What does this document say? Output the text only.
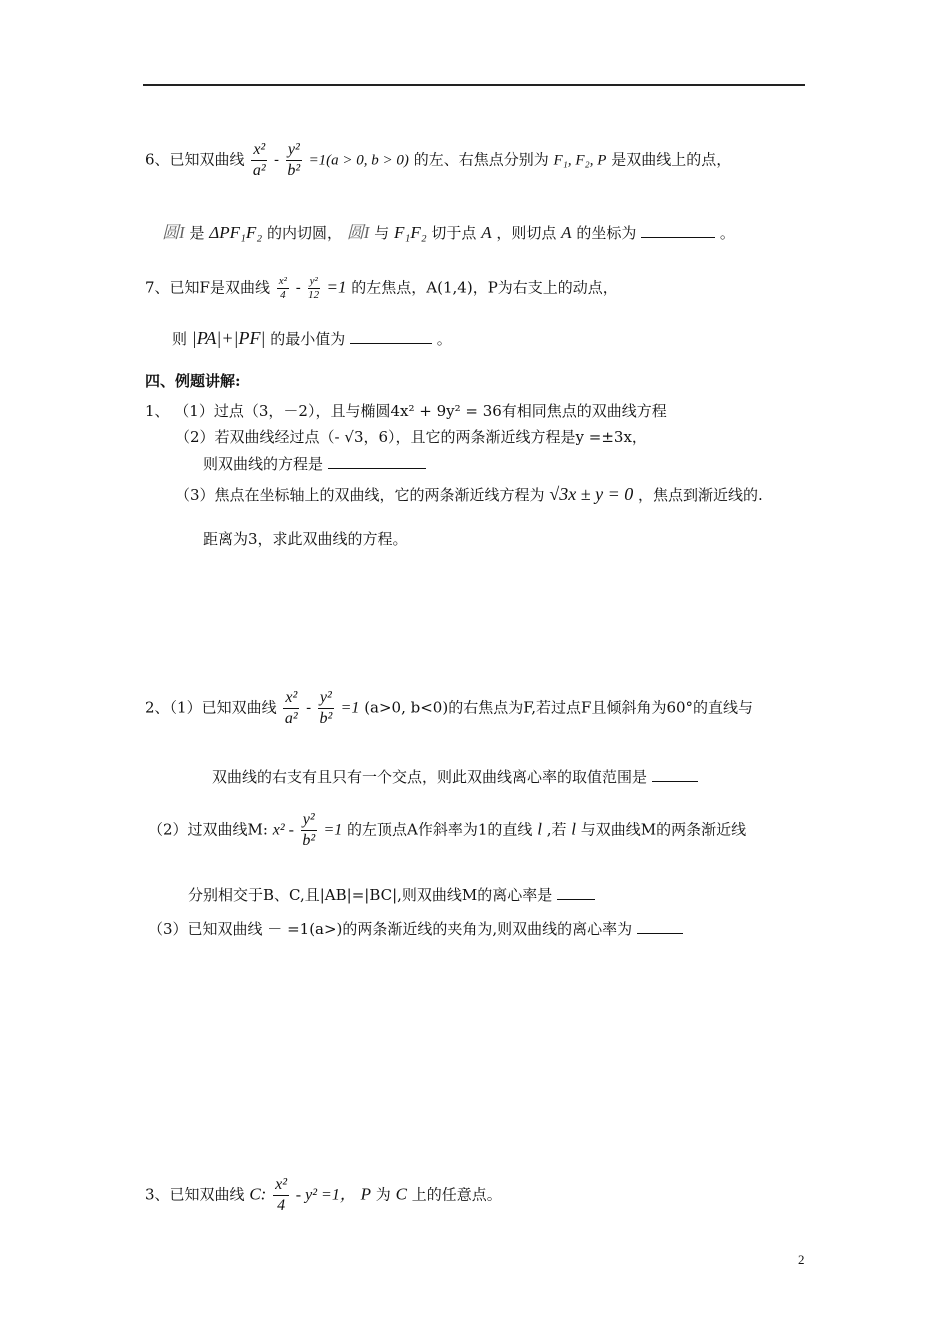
6、已知双曲线 $\frac{\text{x²}}{\text{a²}} - \frac{\text{y²}}{\text{b²}} =1(a > 0$, b > 0) 的左、右焦点分别为 F₁, F₂, P 是双曲线上的点，
圆I 是 ΔPF₁F₂ 的内切圆， 圆I 与 F₁F₂ 切于点 A ，则切点 A 的坐标为	。
7、已知F是双曲线 $\frac{\text{x²}}{4} - \frac{\text{y²}}{12} =1$ 的左焦点，A(1,4)，P为右支上的动点，
则 |PA|+|PF| 的最小值为	。
四、例题讲解:
1、 （1）过点（3，－2），且与椭圆4x² + 9y² = 36有相同焦点的双曲线方程
（2）若双曲线经过点（- √3，6），且它的两条渐近线方程是y =±3x，
则双曲线的方程是
（3）焦点在坐标轴上的双曲线，它的两条渐近线方程为 √3x ± y = 0 ，焦点到渐近线的.
距离为3，求此双曲线的方程。
2、（1）已知双曲线 $\frac{\text{x²}}{\text{a²}} - \frac{\text{y²}}{\text{b²}} =1$ (a>0, b<0)的右焦点为F,若过点F且倾斜角为60°的直线与
双曲线的右支有且只有一个交点，则此双曲线离心率的取值范围是
（2）过双曲线M: $x^2 - \frac{\text{y²}}{\text{b²}} =1$ 的左顶点A作斜率为1的直线 l ,若 l 与双曲线M的两条渐近线
分别相交于B、C,且|AB|=|BC|,则双曲线M的离心率是
（3）已知双曲线 － =1(a>)的两条渐近线的夹角为,则双曲线的离心率为
3、已知双曲线 C: $\frac{\text{x²}}{4} - y^2 =1$， P 为 C 上的任意点。
2
